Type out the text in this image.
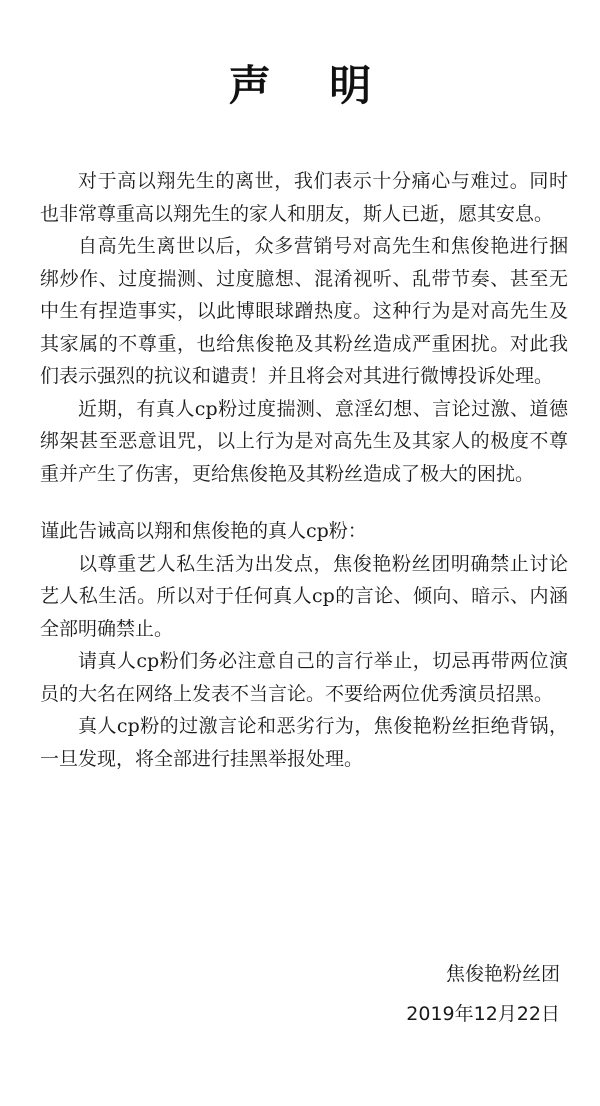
声 明

对于高以翔先生的离世，我们表示十分痛心与难过。同时也非常尊重高以翔先生的家人和朋友，斯人已逝，愿其安息。

自高先生离世以后，众多营销号对高先生和焦俊艳进行捆绑炒作、过度揣测、过度臆想、混淆视听、乱带节奏、甚至无中生有捏造事实，以此博眼球蹭热度。这种行为是对高先生及其家属的不尊重，也给焦俊艳及其粉丝造成严重困扰。对此我们表示强烈的抗议和谴责！并且将会对其进行微博投诉处理。

近期，有真人cp粉过度揣测、意淫幻想、言论过激、道德绑架甚至恶意诅咒，以上行为是对高先生及其家人的极度不尊重并产生了伤害，更给焦俊艳及其粉丝造成了极大的困扰。

谨此告诫高以翔和焦俊艳的真人cp粉：

以尊重艺人私生活为出发点，焦俊艳粉丝团明确禁止讨论艺人私生活。所以对于任何真人cp的言论、倾向、暗示、内涵全部明确禁止。

请真人cp粉们务必注意自己的言行举止，切忌再带两位演员的大名在网络上发表不当言论。不要给两位优秀演员招黑。

真人cp粉的过激言论和恶劣行为，焦俊艳粉丝拒绝背锅，一旦发现，将全部进行挂黑举报处理。

焦俊艳粉丝团
2019年12月22日
